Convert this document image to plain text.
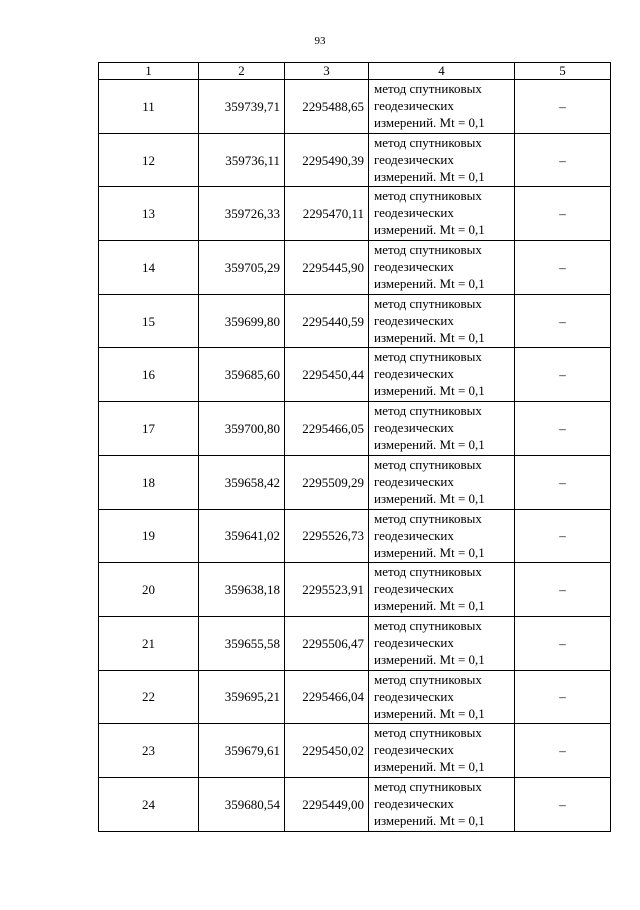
93
1	2	3	4	5
11	359739,71	2295488,65	метод спутниковых
геодезических
измерений. Mt = 0,1	–
12	359736,11	2295490,39	метод спутниковых
геодезических
измерений. Mt = 0,1	–
13	359726,33	2295470,11	метод спутниковых
геодезических
измерений. Mt = 0,1	–
14	359705,29	2295445,90	метод спутниковых
геодезических
измерений. Mt = 0,1	–
15	359699,80	2295440,59	метод спутниковых
геодезических
измерений. Mt = 0,1	–
16	359685,60	2295450,44	метод спутниковых
геодезических
измерений. Mt = 0,1	–
17	359700,80	2295466,05	метод спутниковых
геодезических
измерений. Mt = 0,1	–
18	359658,42	2295509,29	метод спутниковых
геодезических
измерений. Mt = 0,1	–
19	359641,02	2295526,73	метод спутниковых
геодезических
измерений. Mt = 0,1	–
20	359638,18	2295523,91	метод спутниковых
геодезических
измерений. Mt = 0,1	–
21	359655,58	2295506,47	метод спутниковых
геодезических
измерений. Mt = 0,1	–
22	359695,21	2295466,04	метод спутниковых
геодезических
измерений. Mt = 0,1	–
23	359679,61	2295450,02	метод спутниковых
геодезических
измерений. Mt = 0,1	–
24	359680,54	2295449,00	метод спутниковых
геодезических
измерений. Mt = 0,1	–
